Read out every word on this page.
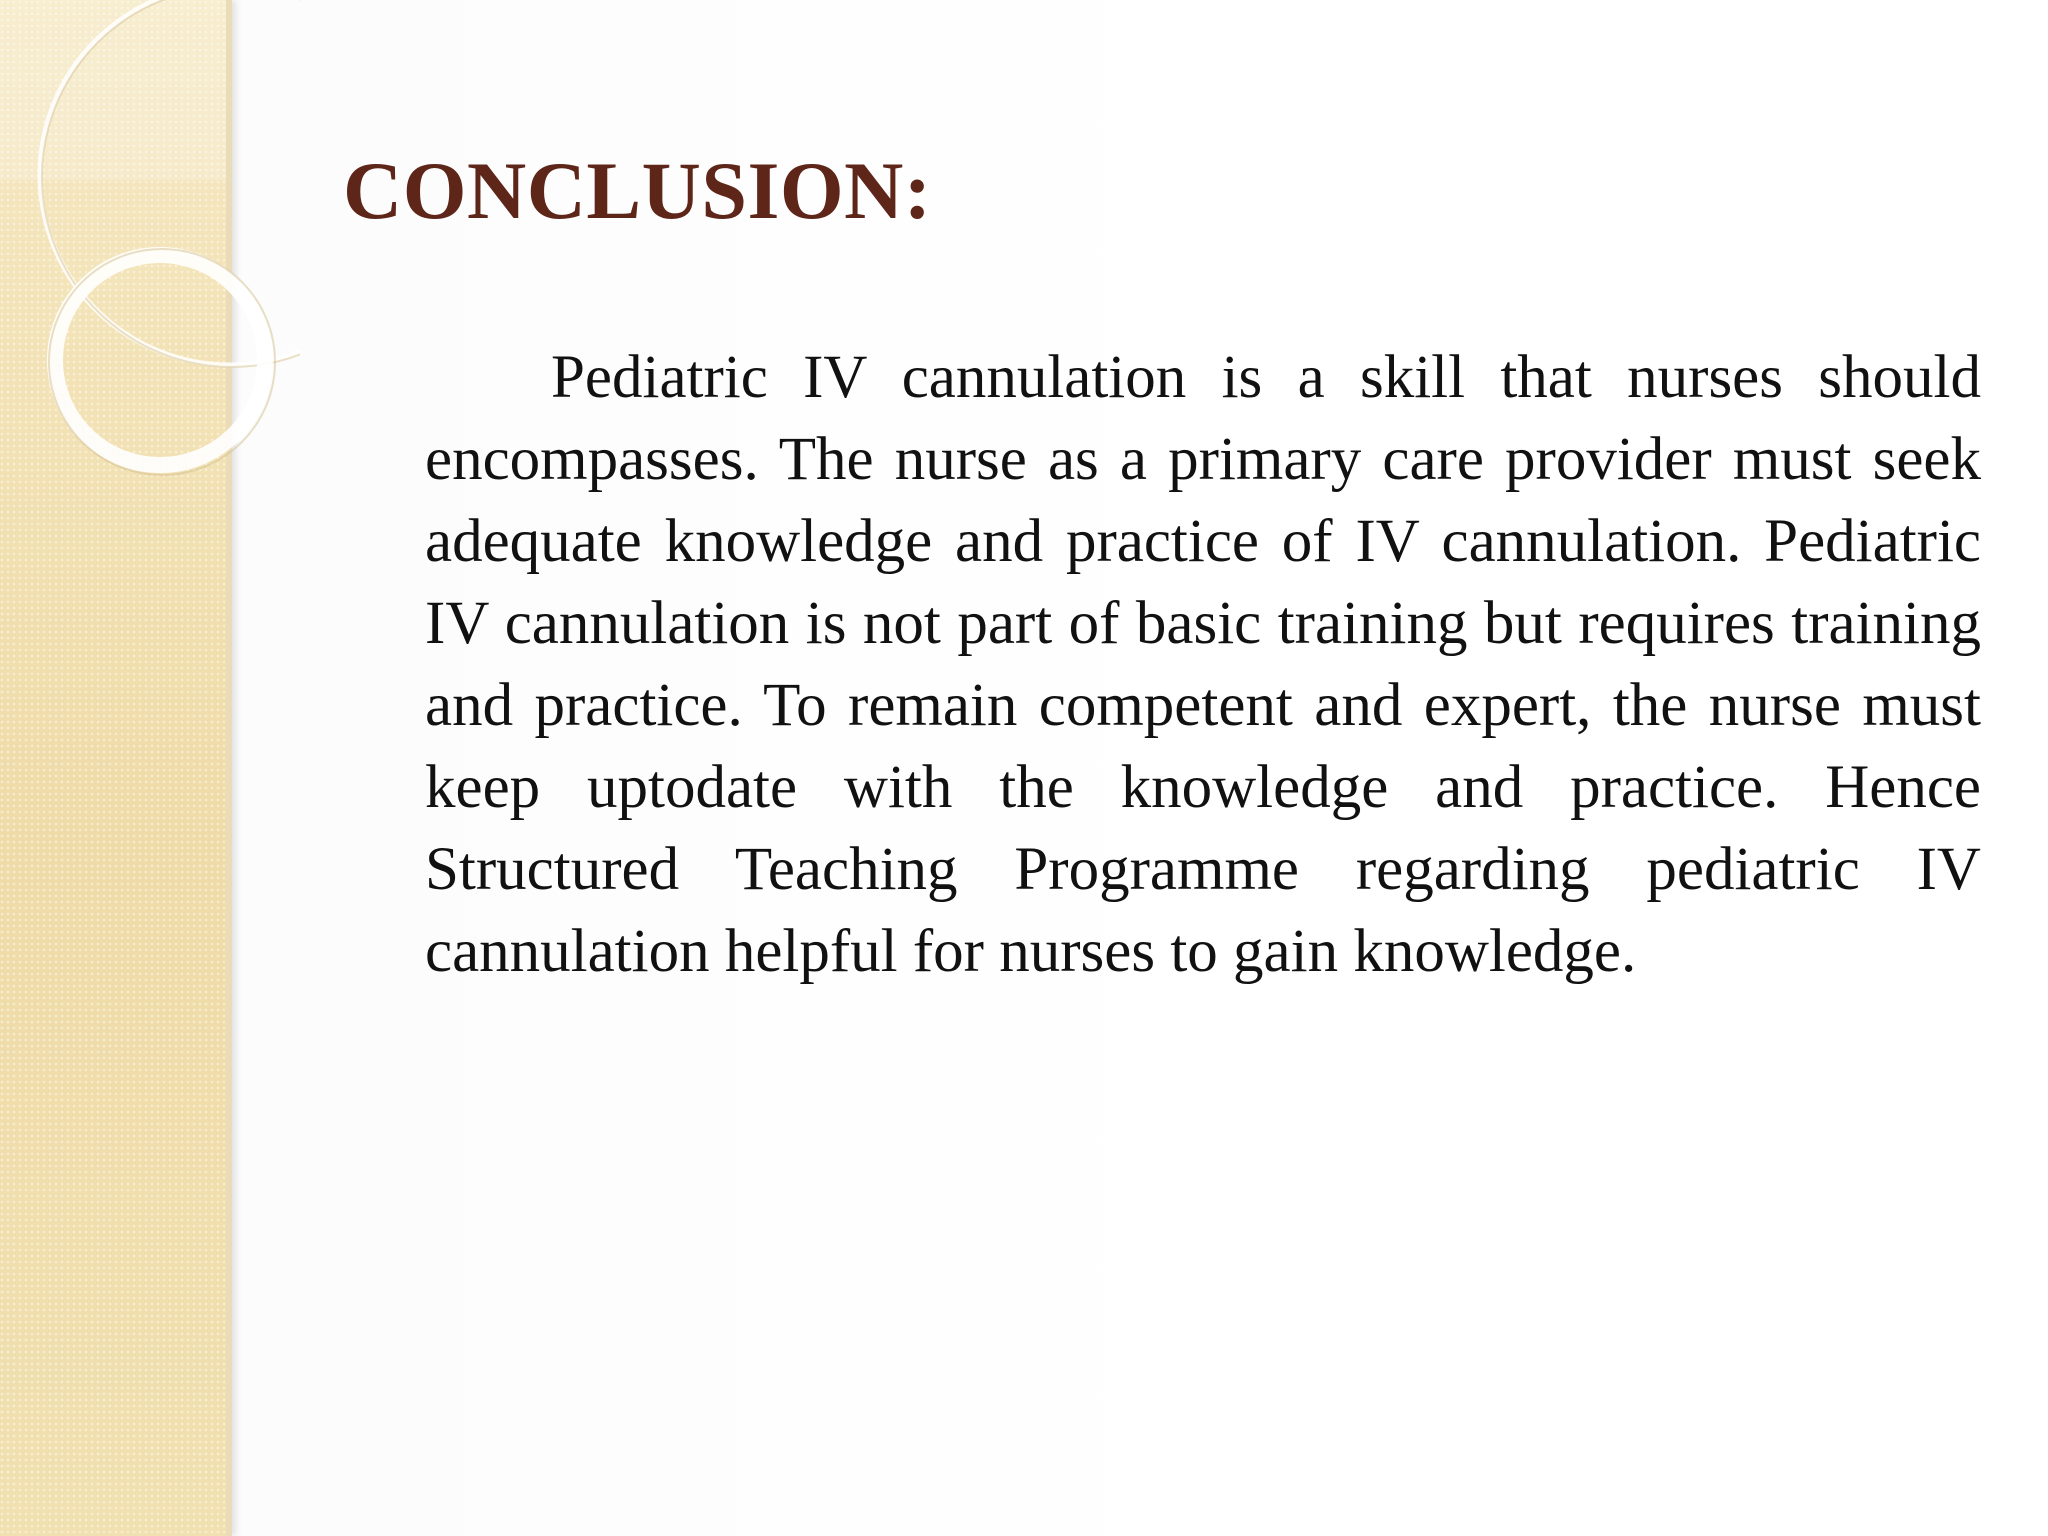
CONCLUSION:

Pediatric IV cannulation is a skill that nurses should encompasses. The nurse as a primary care provider must seek adequate knowledge and practice of IV cannulation. Pediatric IV cannulation is not part of basic training but requires training and practice. To remain competent and expert, the nurse must keep uptodate with the knowledge and practice. Hence Structured Teaching Programme regarding pediatric IV cannulation helpful for nurses to gain knowledge.
